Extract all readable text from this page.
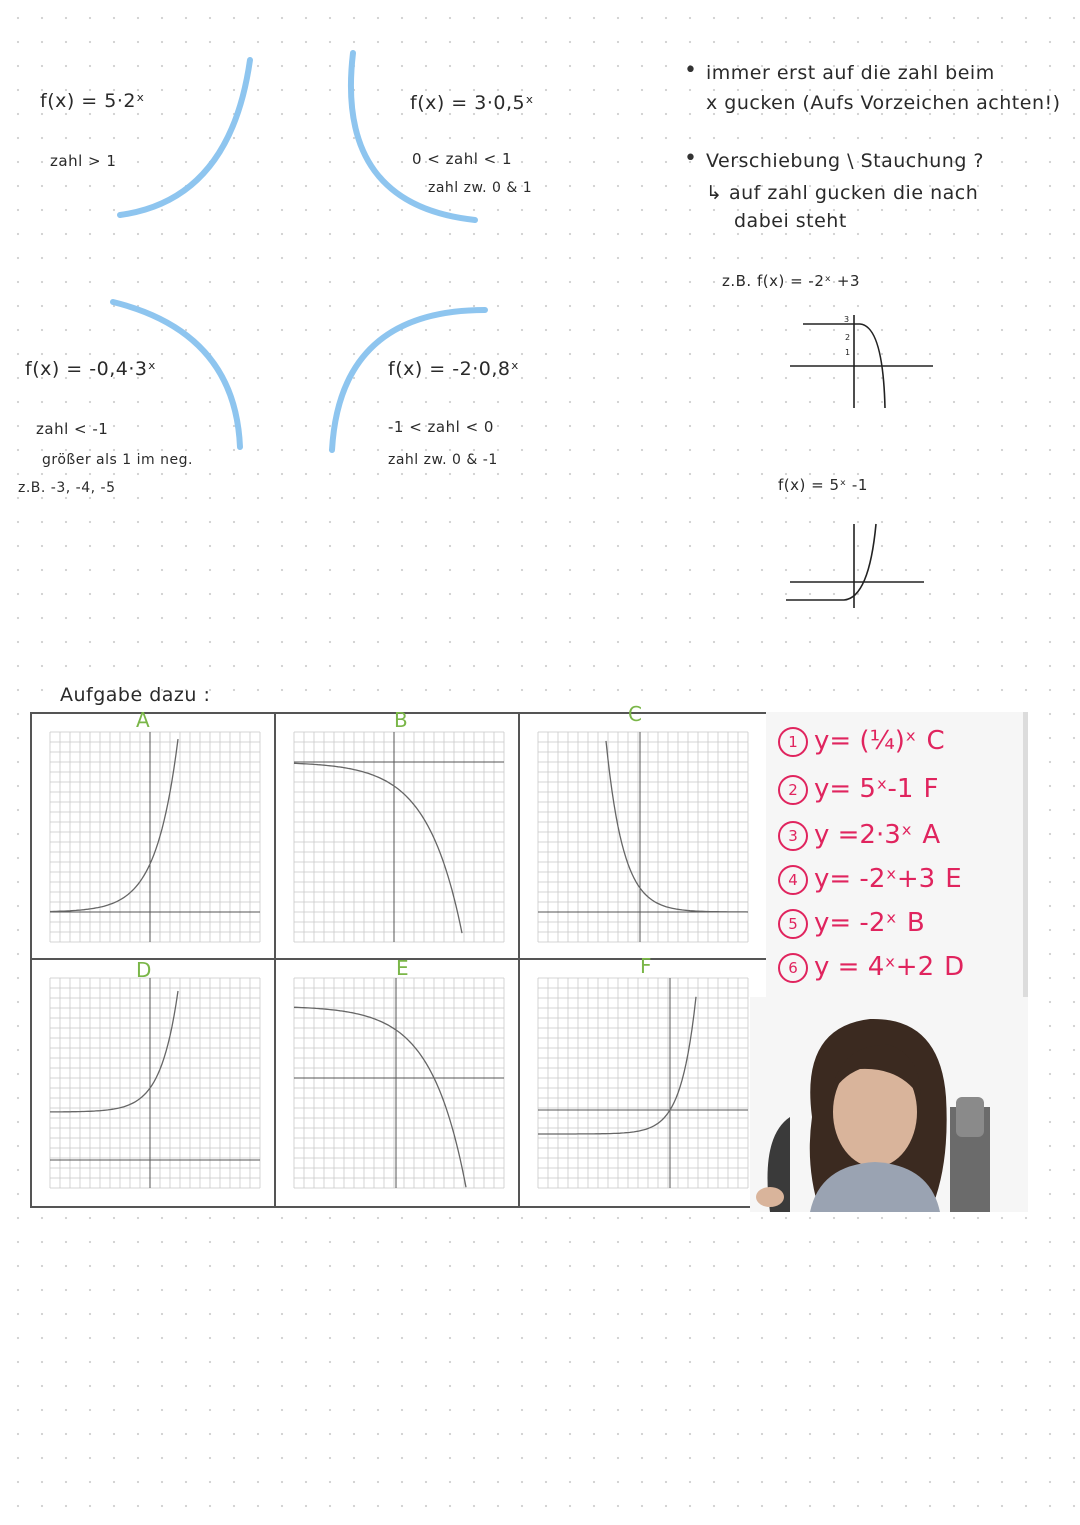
f(x) = 5·2ˣ
zahl > 1
f(x) = 3·0,5ˣ
0 < zahl < 1
zahl zw. 0 & 1
f(x) = -0,4·3ˣ
zahl < -1
größer als 1 im neg.
z.B. -3, -4, -5
f(x) = -2·0,8ˣ
-1 < zahl < 0
zahl zw. 0 & -1
• immer erst auf die zahl beim
x gucken (Aufs Vorzeichen achten!)
• Verschiebung \ Stauchung ?
↳ auf zahl gucken die nach
dabei steht
z.B. f(x) = -2ˣ +3
3
2
1
f(x) = 5ˣ -1
Aufgabe dazu :
A	B	C
D	E	F
1 y= (¼)ˣ C
2 y= 5ˣ-1 F
3 y =2·3ˣ A
4 y= -2ˣ+3 E
5 y= -2ˣ B
6 y = 4ˣ+2 D
